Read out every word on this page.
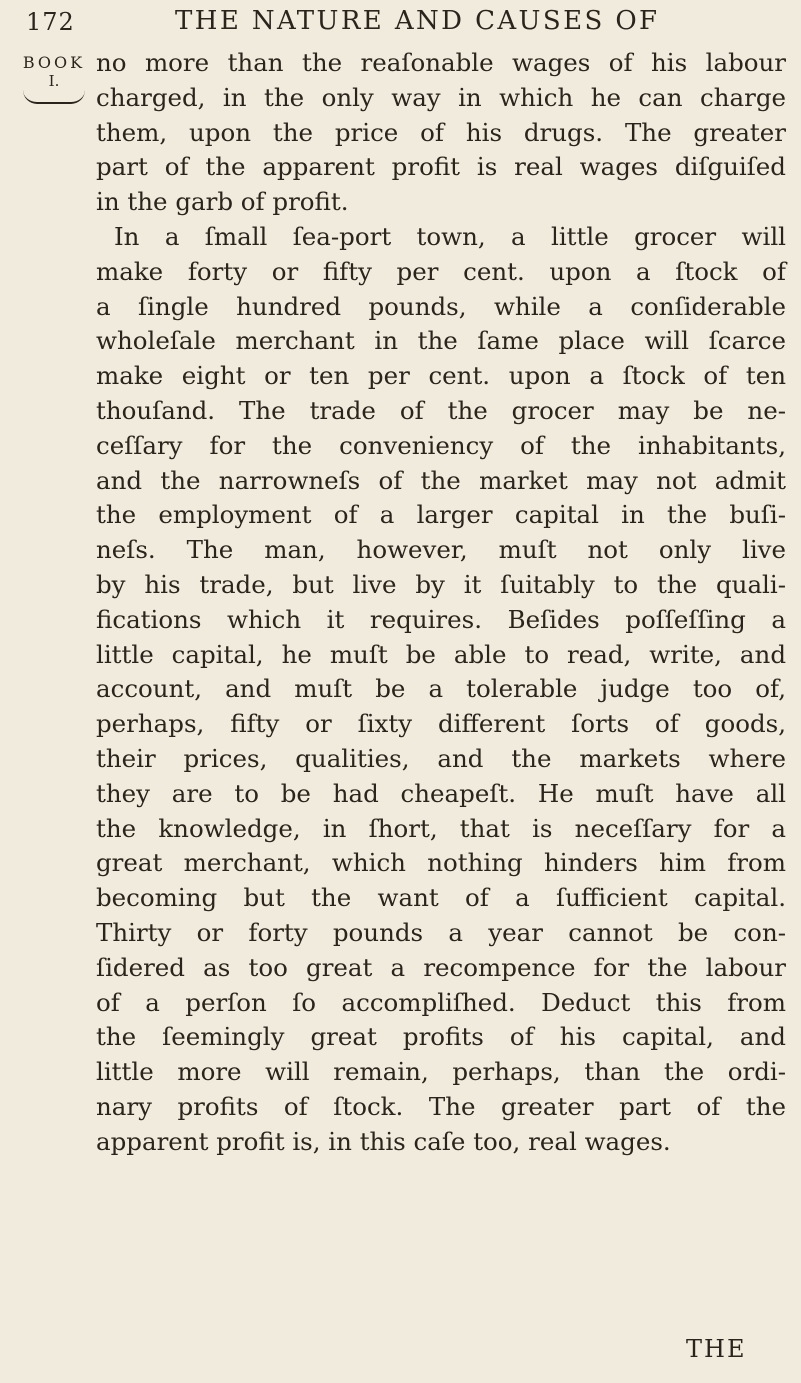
172	THE NATURE AND CAUSES OF
BOOK
I.
no more than the reaſonable wages of his labour
charged, in the only way in which he can charge
them, upon the price of his drugs. The greater
part of the apparent profit is real wages diſguiſed
in the garb of profit.
In a ſmall ſea-port town, a little grocer will
make forty or fifty per cent. upon a ſtock of
a ſingle hundred pounds, while a conſiderable
wholeſale merchant in the ſame place will ſcarce
make eight or ten per cent. upon a ſtock of ten
thouſand. The trade of the grocer may be ne-
ceſſary for the conveniency of the inhabitants,
and the narrowneſs of the market may not admit
the employment of a larger capital in the buſi-
neſs. The man, however, muſt not only live
by his trade, but live by it ſuitably to the quali-
fications which it requires. Beſides poſſeſſing a
little capital, he muſt be able to read, write, and
account, and muſt be a tolerable judge too of,
perhaps, fifty or ſixty different ſorts of goods,
their prices, qualities, and the markets where
they are to be had cheapeſt. He muſt have all
the knowledge, in ſhort, that is neceſſary for a
great merchant, which nothing hinders him from
becoming but the want of a ſufficient capital.
Thirty or forty pounds a year cannot be con-
ſidered as too great a recompence for the labour
of a perſon ſo accompliſhed. Deduct this from
the ſeemingly great profits of his capital, and
little more will remain, perhaps, than the ordi-
nary profits of ſtock. The greater part of the
apparent profit is, in this caſe too, real wages.
THE
